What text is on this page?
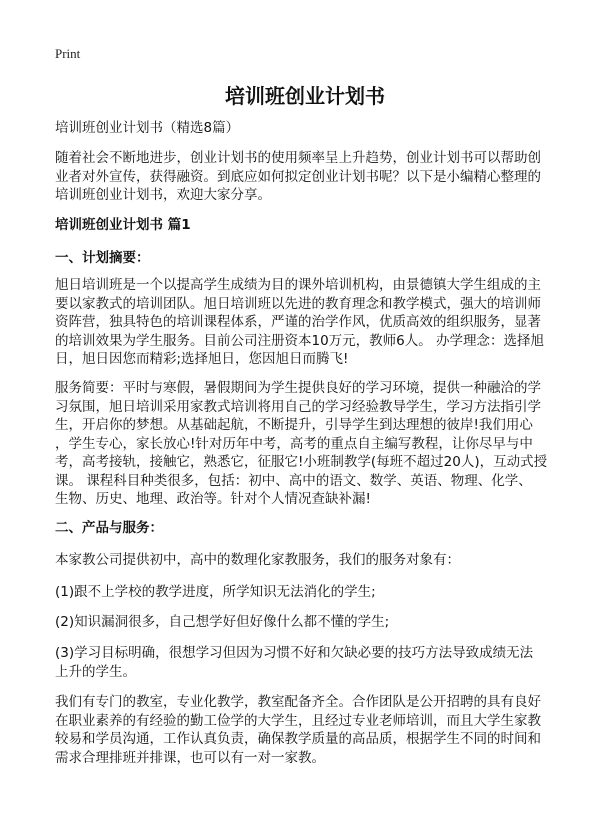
Print
培训班创业计划书
培训班创业计划书（精选8篇）
随着社会不断地进步，创业计划书的使用频率呈上升趋势，创业计划书可以帮助创
业者对外宣传，获得融资。到底应如何拟定创业计划书呢？以下是小编精心整理的
培训班创业计划书，欢迎大家分享。
培训班创业计划书 篇1
一、计划摘要：
旭日培训班是一个以提高学生成绩为目的课外培训机构，由景德镇大学生组成的主
要以家教式的培训团队。旭日培训班以先进的教育理念和教学模式，强大的培训师
资阵营，独具特色的培训课程体系，严谨的治学作风，优质高效的组织服务，显著
的培训效果为学生服务。目前公司注册资本10万元，教师6人。 办学理念：选择旭
日，旭日因您而精彩;选择旭日，您因旭日而腾飞!
服务简要：平时与寒假，暑假期间为学生提供良好的学习环境，提供一种融洽的学
习氛围，旭日培训采用家教式培训将用自己的学习经验教导学生，学习方法指引学
生，开启你的梦想。从基础起航，不断提升，引导学生到达理想的彼岸!我们用心
，学生专心，家长放心!针对历年中考，高考的重点自主编写教程，让你尽早与中
考，高考接轨，接触它，熟悉它，征服它!小班制教学(每班不超过20人)，互动式授
课。 课程科目种类很多，包括：初中、高中的语文、数学、英语、物理、化学、
生物、历史、地理、政治等。针对个人情况查缺补漏!
二、产品与服务：
本家教公司提供初中，高中的数理化家教服务，我们的服务对象有：
(1)跟不上学校的教学进度，所学知识无法消化的学生;
(2)知识漏洞很多，自己想学好但好像什么都不懂的学生;
(3)学习目标明确，很想学习但因为习惯不好和欠缺必要的技巧方法导致成绩无法
上升的学生。
我们有专门的教室，专业化教学，教室配备齐全。合作团队是公开招聘的具有良好
在职业素养的有经验的勤工俭学的大学生，且经过专业老师培训，而且大学生家教
较易和学员沟通，工作认真负责，确保教学质量的高品质，根据学生不同的时间和
需求合理排班并排课，也可以有一对一家教。
